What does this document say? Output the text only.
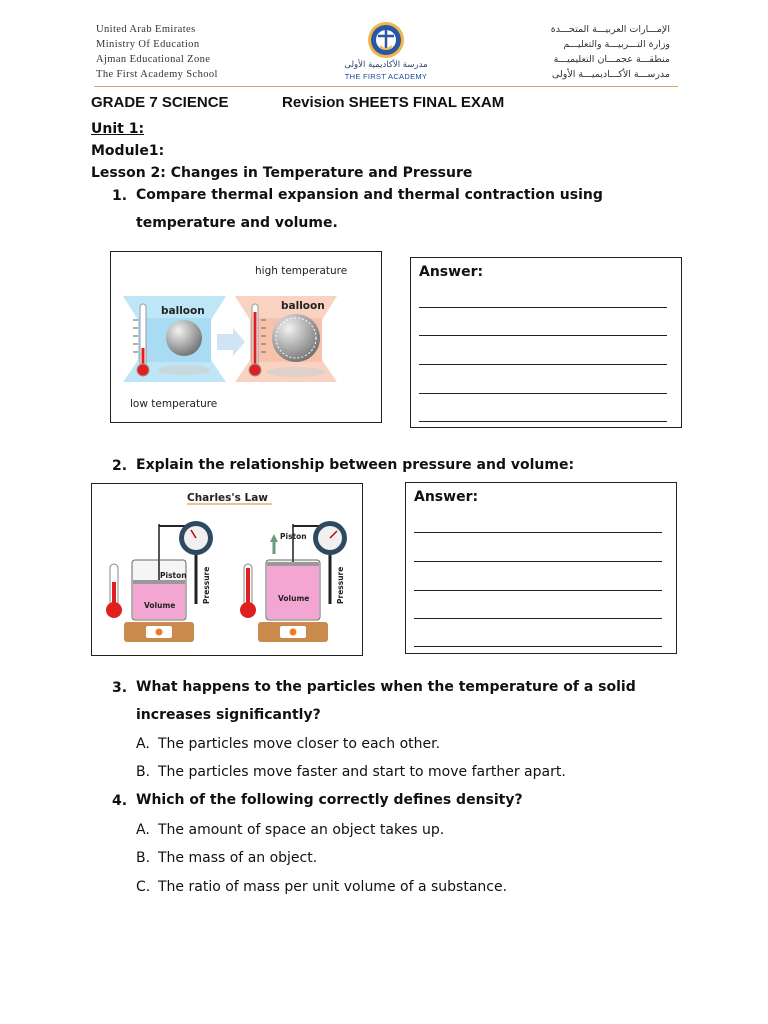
United Arab Emirates
Ministry Of Education
Ajman Educational Zone
The First Academy School
مدرسة الأكاديمية الأولى
THE FIRST ACADEMY
الإمـــارات العربيـــة المتحـــدة
وزارة التـــربيـــة والتعليـــم
منطقـــة عجمـــان التعليميـــة
مدرســـة الأكـــاديميـــة الأولى
GRADE 7 SCIENCE	Revision SHEETS FINAL EXAM
Unit 1:
Module1:
Lesson 2: Changes in Temperature and Pressure
1. Compare thermal expansion and thermal contraction using temperature and volume.
high temperature
balloon	balloon
low temperature
Answer:
2. Explain the relationship between pressure and volume:
Charles's Law
Piston
Volume
Pressure
Piston
Volume	Pressure
Answer:
3. What happens to the particles when the temperature of a solid increases significantly?
A. The particles move closer to each other.
B. The particles move faster and start to move farther apart.
4. Which of the following correctly defines density?
A. The amount of space an object takes up.
B. The mass of an object.
C. The ratio of mass per unit volume of a substance.
